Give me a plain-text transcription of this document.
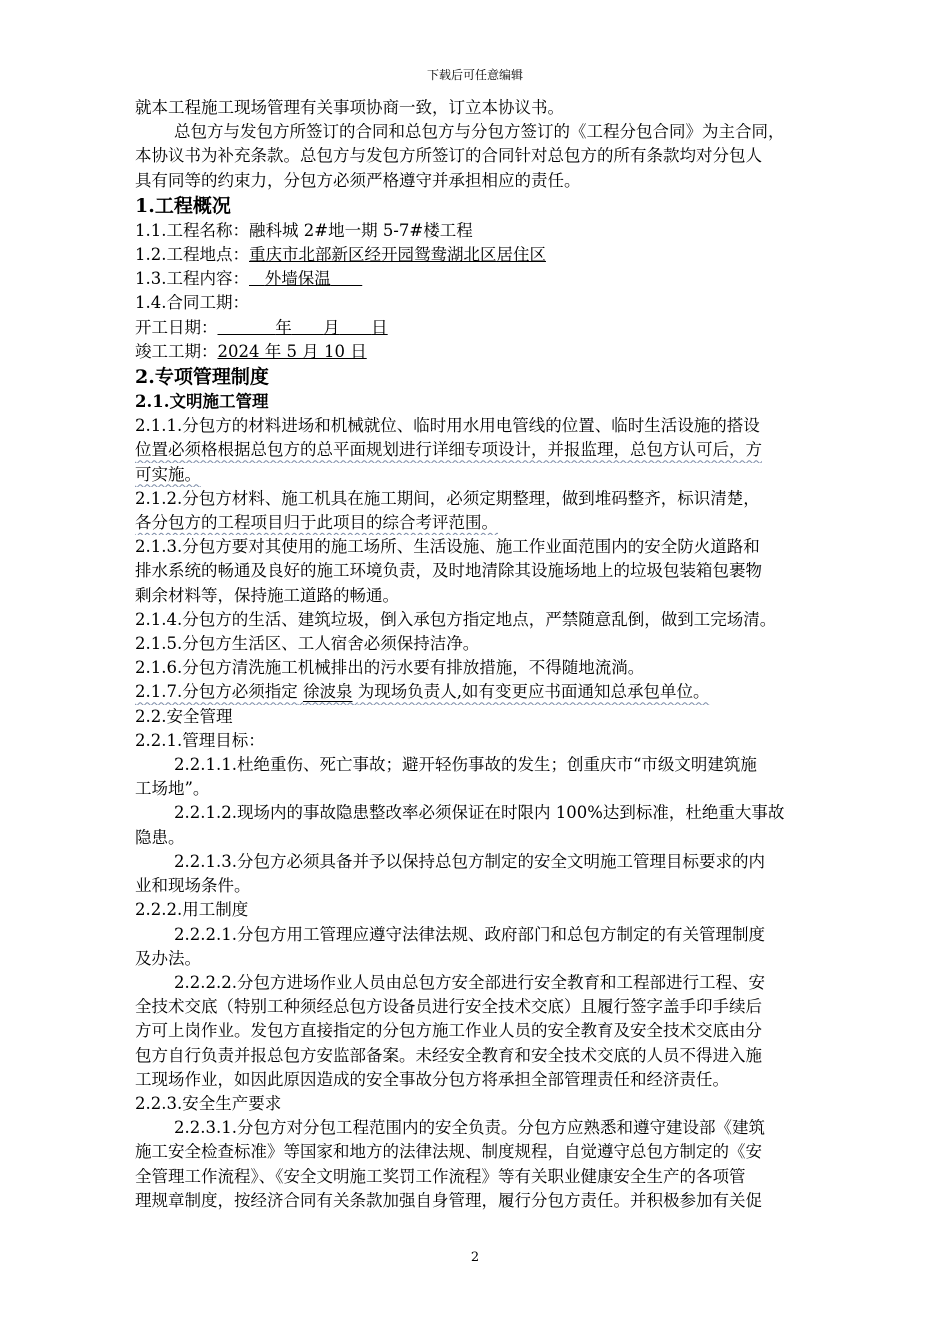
下载后可任意编辑

就本工程施工现场管理有关事项协商一致，订立本协议书。

总包方与发包方所签订的合同和总包方与分包方签订的《工程分包合同》为主合同，

本协议书为补充条款。总包方与发包方所签订的合同针对总包方的所有条款均对分包人

具有同等的约束力，分包方必须严格遵守并承担相应的责任。

1.工程概况

1.1.工程名称：融科城 2#地一期 5-7#楼工程

1.2.工程地点：重庆市北部新区经开园鸳鸯湖北区居住区

1.3.工程内容： 外墙保温

1.4.合同工期：

开工日期：	年 月 日

竣工工期：2024 年 5 月 10 日

2.专项管理制度

2.1.文明施工管理

2.1.1.分包方的材料进场和机械就位、临时用水用电管线的位置、临时生活设施的搭设

位置必须格根据总包方的总平面规划进行详细专项设计，并报监理，总包方认可后，方

可实施。

2.1.2.分包方材料、施工机具在施工期间，必须定期整理，做到堆码整齐，标识清楚，

各分包方的工程项目归于此项目的综合考评范围。

2.1.3.分包方要对其使用的施工场所、生活设施、施工作业面范围内的安全防火道路和

排水系统的畅通及良好的施工环境负责，及时地清除其设施场地上的垃圾包装箱包裹物

剩余材料等，保持施工道路的畅通。

2.1.4.分包方的生活、建筑垃圾，倒入承包方指定地点，严禁随意乱倒，做到工完场清。

2.1.5.分包方生活区、工人宿舍必须保持洁净。

2.1.6.分包方清洗施工机械排出的污水要有排放措施，不得随地流淌。

2.1.7.分包方必须指定 徐波泉 为现场负责人,如有变更应书面通知总承包单位。

2.2.安全管理

2.2.1.管理目标：

2.2.1.1.杜绝重伤、死亡事故；避开轻伤事故的发生；创重庆市“市级文明建筑施

工场地”。

2.2.1.2.现场内的事故隐患整改率必须保证在时限内 100%达到标准，杜绝重大事故

隐患。

2.2.1.3.分包方必须具备并予以保持总包方制定的安全文明施工管理目标要求的内

业和现场条件。

2.2.2.用工制度

2.2.2.1.分包方用工管理应遵守法律法规、政府部门和总包方制定的有关管理制度

及办法。

2.2.2.2.分包方进场作业人员由总包方安全部进行安全教育和工程部进行工程、安

全技术交底（特别工种须经总包方设备员进行安全技术交底）且履行签字盖手印手续后

方可上岗作业。发包方直接指定的分包方施工作业人员的安全教育及安全技术交底由分

包方自行负责并报总包方安监部备案。未经安全教育和安全技术交底的人员不得进入施

工现场作业，如因此原因造成的安全事故分包方将承担全部管理责任和经济责任。

2.2.3.安全生产要求

2.2.3.1.分包方对分包工程范围内的安全负责。分包方应熟悉和遵守建设部《建筑

施工安全检查标准》等国家和地方的法律法规、制度规程，自觉遵守总包方制定的《安

全管理工作流程》、《安全文明施工奖罚工作流程》等有关职业健康安全生产的各项管

理规章制度，按经济合同有关条款加强自身管理，履行分包方责任。并积极参加有关促

2
